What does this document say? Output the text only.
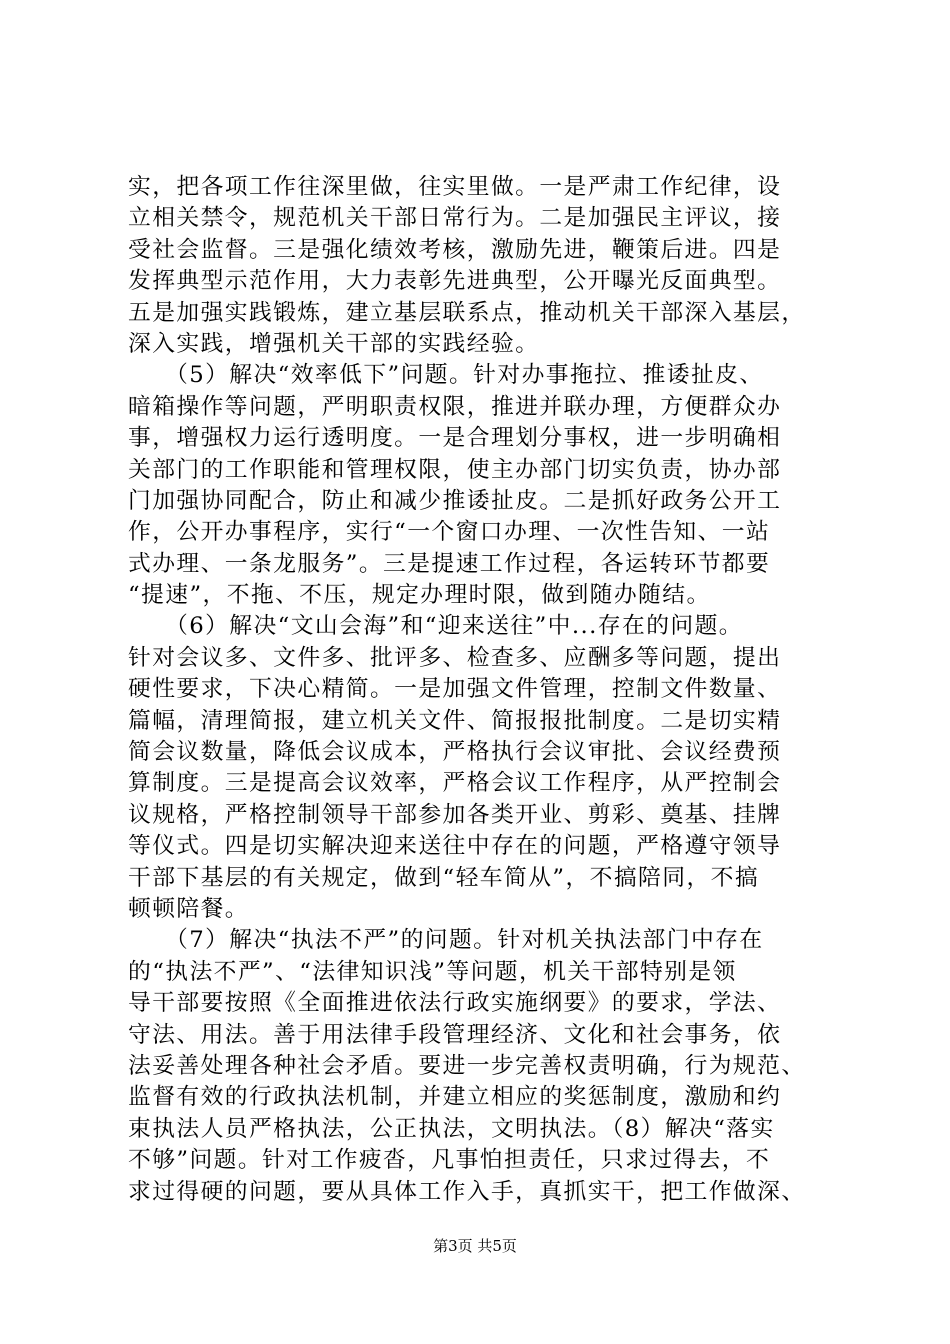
实，把各项工作往深里做，往实里做。一是严肃工作纪律，设
立相关禁令，规范机关干部日常行为。二是加强民主评议，接
受社会监督。三是强化绩效考核，激励先进，鞭策后进。四是
发挥典型示范作用，大力表彰先进典型，公开曝光反面典型。
五是加强实践锻炼，建立基层联系点，推动机关干部深入基层，
深入实践，增强机关干部的实践经验。
　　（5）解决“效率低下”问题。针对办事拖拉、推诿扯皮、
暗箱操作等问题，严明职责权限，推进并联办理，方便群众办
事，增强权力运行透明度。一是合理划分事权，进一步明确相
关部门的工作职能和管理权限，使主办部门切实负责，协办部
门加强协同配合，防止和减少推诿扯皮。二是抓好政务公开工
作，公开办事程序，实行“一个窗口办理、一次性告知、一站
式办理、一条龙服务”。三是提速工作过程，各运转环节都要
“提速”，不拖、不压，规定办理时限，做到随办随结。
　　（6）解决“文山会海”和“迎来送往”中...存在的问题。
针对会议多、文件多、批评多、检查多、应酬多等问题，提出
硬性要求，下决心精简。一是加强文件管理，控制文件数量、
篇幅，清理简报，建立机关文件、简报报批制度。二是切实精
简会议数量，降低会议成本，严格执行会议审批、会议经费预
算制度。三是提高会议效率，严格会议工作程序，从严控制会
议规格，严格控制领导干部参加各类开业、剪彩、奠基、挂牌
等仪式。四是切实解决迎来送往中存在的问题，严格遵守领导
干部下基层的有关规定，做到“轻车简从”，不搞陪同，不搞
顿顿陪餐。
　　（7）解决“执法不严”的问题。针对机关执法部门中存在
的“执法不严”、“法律知识浅”等问题，机关干部特别是领
导干部要按照《全面推进依法行政实施纲要》的要求，学法、
守法、用法。善于用法律手段管理经济、文化和社会事务，依
法妥善处理各种社会矛盾。要进一步完善权责明确，行为规范、
监督有效的行政执法机制，并建立相应的奖惩制度，激励和约
束执法人员严格执法，公正执法，文明执法。（8）解决“落实
不够”问题。针对工作疲沓，凡事怕担责任，只求过得去，不
求过得硬的问题，要从具体工作入手，真抓实干，把工作做深、
第3页 共5页
